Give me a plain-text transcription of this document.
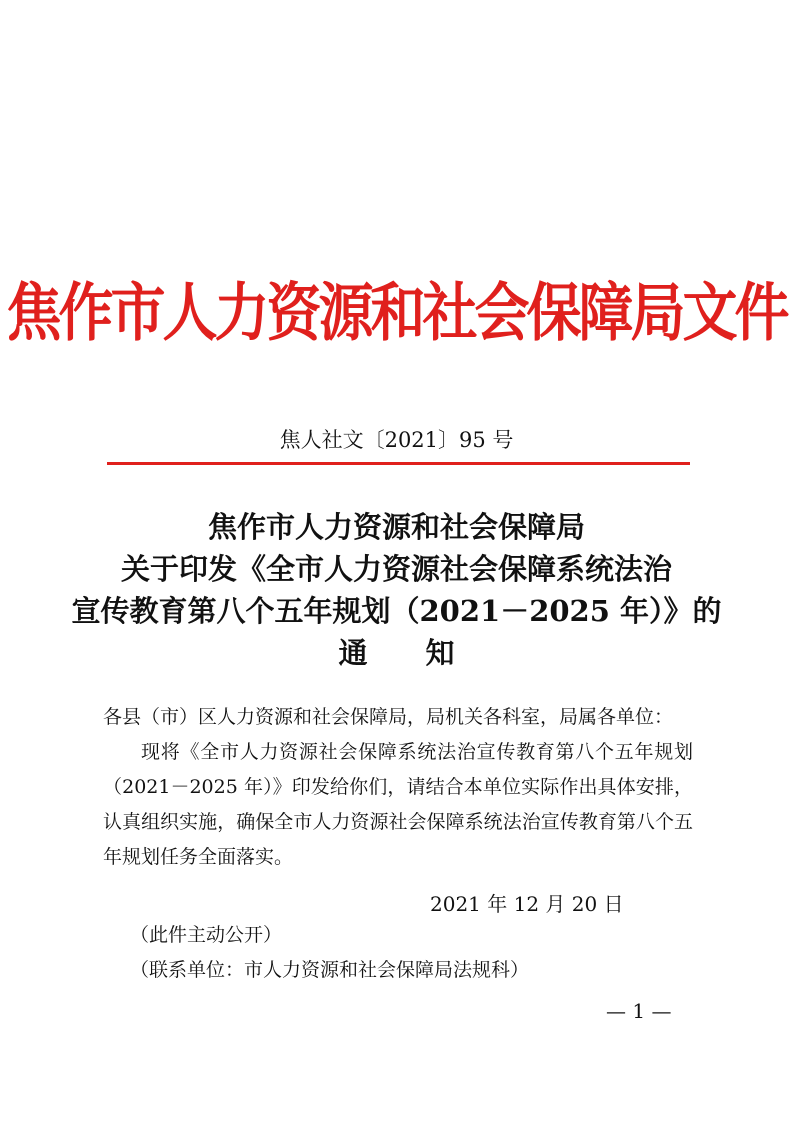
焦作市人力资源和社会保障局文件
焦人社文〔2021〕95 号
焦作市人力资源和社会保障局
关于印发《全市人力资源社会保障系统法治
宣传教育第八个五年规划（2021－2025 年）》的
通知
各县（市）区人力资源和社会保障局，局机关各科室，局属各单位：
现将《全市人力资源社会保障系统法治宣传教育第八个五年规划（2021－2025 年）》印发给你们，请结合本单位实际作出具体安排，认真组织实施，确保全市人力资源社会保障系统法治宣传教育第八个五年规划任务全面落实。
2021 年 12 月 20 日
（此件主动公开）
（联系单位：市人力资源和社会保障局法规科）
— 1 —
